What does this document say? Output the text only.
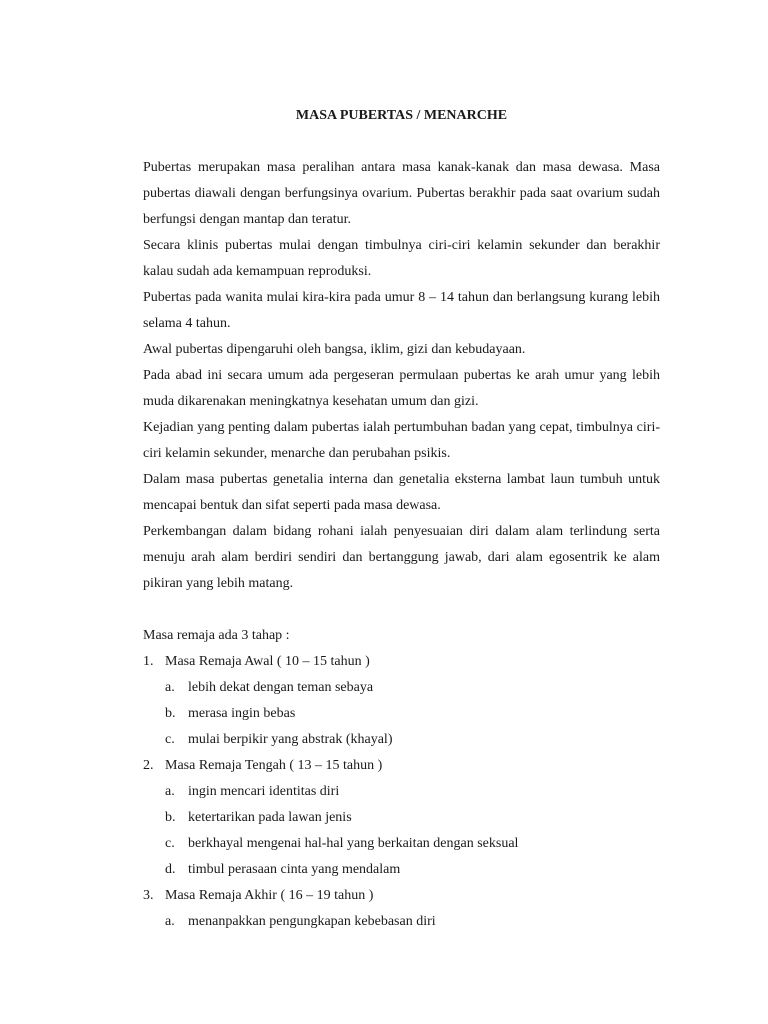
MASA PUBERTAS / MENARCHE

Pubertas merupakan masa peralihan antara masa kanak-kanak dan masa dewasa. Masa pubertas diawali dengan berfungsinya ovarium. Pubertas berakhir pada saat ovarium sudah berfungsi dengan mantap dan teratur.

Secara klinis pubertas mulai dengan timbulnya ciri-ciri kelamin sekunder dan berakhir kalau sudah ada kemampuan reproduksi.

Pubertas pada wanita mulai kira-kira pada umur 8 – 14 tahun dan berlangsung kurang lebih selama 4 tahun.

Awal pubertas dipengaruhi oleh bangsa, iklim, gizi dan kebudayaan.

Pada abad ini secara umum ada pergeseran permulaan pubertas ke arah umur yang lebih muda dikarenakan meningkatnya kesehatan umum dan gizi.

Kejadian yang penting dalam pubertas ialah pertumbuhan badan yang cepat, timbulnya ciri-ciri kelamin sekunder, menarche dan perubahan psikis.

Dalam masa pubertas genetalia interna dan genetalia eksterna lambat laun tumbuh untuk mencapai bentuk dan sifat seperti pada masa dewasa.

Perkembangan dalam bidang rohani ialah penyesuaian diri dalam alam terlindung serta menuju arah alam berdiri sendiri dan bertanggung jawab, dari alam egosentrik ke alam pikiran yang lebih matang.

Masa remaja ada 3 tahap :

1. Masa Remaja Awal ( 10 – 15 tahun )
a. lebih dekat dengan teman sebaya
b. merasa ingin bebas
c. mulai berpikir yang abstrak (khayal)
2. Masa Remaja Tengah ( 13 – 15 tahun )
a. ingin mencari identitas diri
b. ketertarikan pada lawan jenis
c. berkhayal mengenai hal-hal yang berkaitan dengan seksual
d. timbul perasaan cinta yang mendalam
3. Masa Remaja Akhir ( 16 – 19 tahun )
a. menanpakkan pengungkapan kebebasan diri
